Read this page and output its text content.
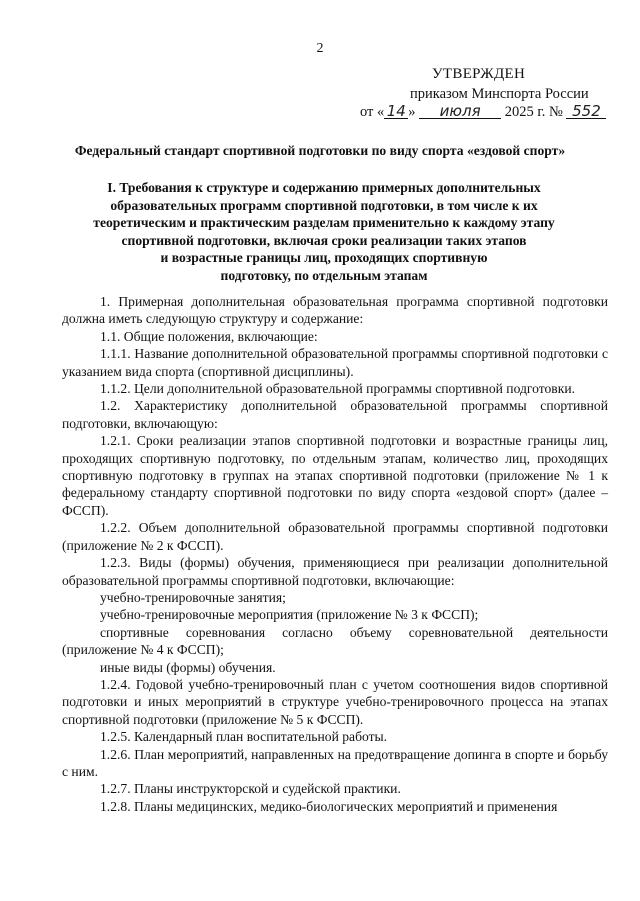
2
УТВЕРЖДЕН
приказом Минспорта России
от « 14 » июля 2025 г. № 552
Федеральный стандарт спортивной подготовки по виду спорта «ездовой спорт»
I. Требования к структуре и содержанию примерных дополнительных
образовательных программ спортивной подготовки, в том числе к их
теоретическим и практическим разделам применительно к каждому этапу
спортивной подготовки, включая сроки реализации таких этапов
и возрастные границы лиц, проходящих спортивную
подготовку, по отдельным этапам

1. Примерная дополнительная образовательная программа спортивной подготовки должна иметь следующую структуру и содержание:

1.1. Общие положения, включающие:

1.1.1. Название дополнительной образовательной программы спортивной подготовки с указанием вида спорта (спортивной дисциплины).

1.1.2. Цели дополнительной образовательной программы спортивной подготовки.

1.2. Характеристику дополнительной образовательной программы спортивной подготовки, включающую:

1.2.1. Сроки реализации этапов спортивной подготовки и возрастные границы лиц, проходящих спортивную подготовку, по отдельным этапам, количество лиц, проходящих спортивную подготовку в группах на этапах спортивной подготовки (приложение № 1 к федеральному стандарту спортивной подготовки по виду спорта «ездовой спорт» (далее – ФССП).

1.2.2. Объем дополнительной образовательной программы спортивной подготовки (приложение № 2 к ФССП).

1.2.3. Виды (формы) обучения, применяющиеся при реализации дополнительной образовательной программы спортивной подготовки, включающие:

учебно-тренировочные занятия;

учебно-тренировочные мероприятия (приложение № 3 к ФССП);

спортивные соревнования согласно объему соревновательной деятельности (приложение № 4 к ФССП);

иные виды (формы) обучения.

1.2.4. Годовой учебно-тренировочный план с учетом соотношения видов спортивной подготовки и иных мероприятий в структуре учебно-тренировочного процесса на этапах спортивной подготовки (приложение № 5 к ФССП).

1.2.5. Календарный план воспитательной работы.

1.2.6. План мероприятий, направленных на предотвращение допинга в спорте и борьбу с ним.

1.2.7. Планы инструкторской и судейской практики.

1.2.8. Планы медицинских, медико-биологических мероприятий и применения
